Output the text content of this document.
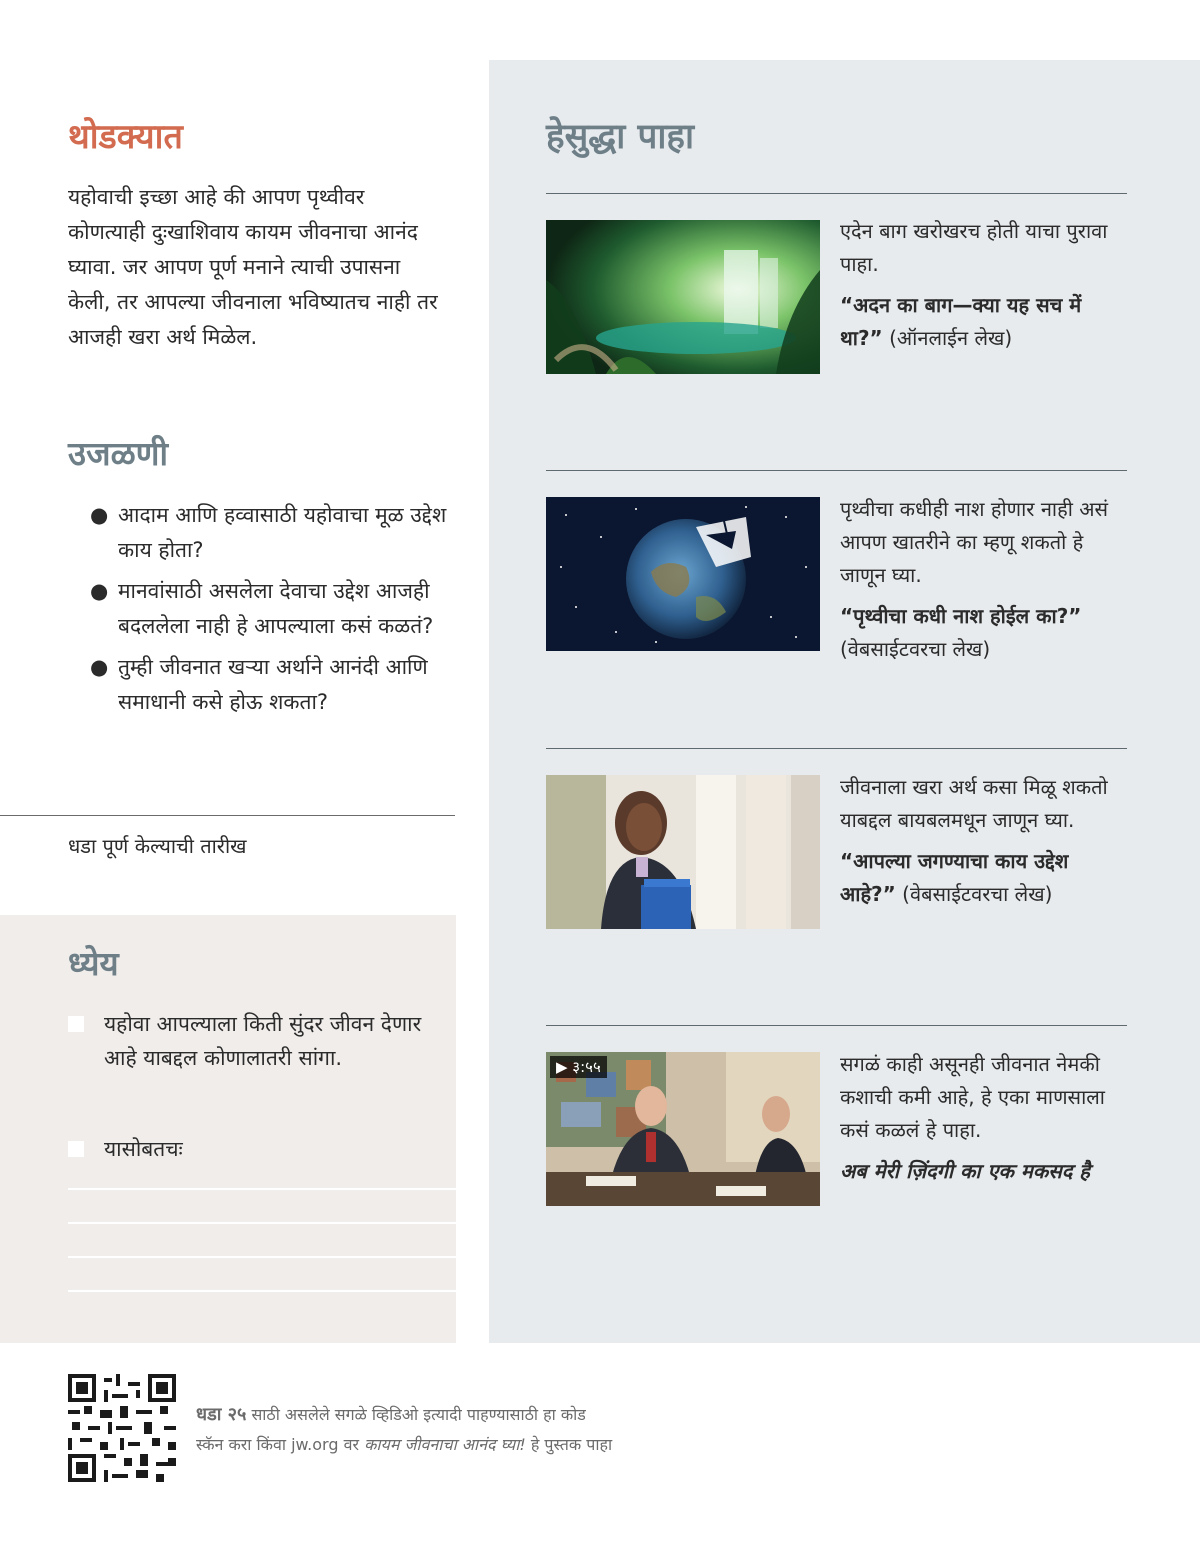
थोडक्यात

यहोवाची इच्छा आहे की आपण पृथ्वीवर कोणत्याही दुःखाशिवाय कायम जीवनाचा आनंद घ्यावा. जर आपण पूर्ण मनाने त्याची उपासना केली, तर आपल्या जीवनाला भविष्यातच नाही तर आजही खरा अर्थ मिळेल.

उजळणी
● आदाम आणि हव्वासाठी यहोवाचा मूळ उद्देश काय होता?
● मानवांसाठी असलेला देवाचा उद्देश आजही बदललेला नाही हे आपल्याला कसं कळतं?
● तुम्ही जीवनात खऱ्या अर्थाने आनंदी आणि समाधानी कसे होऊ शकता?
धडा पूर्ण केल्याची तारीख
ध्येय
यहोवा आपल्याला किती सुंदर जीवन देणार आहे याबद्दल कोणालातरी सांगा.
यासोबतचः
हेसुद्धा पाहा
एदेन बाग खरोखरच होती याचा पुरावा पाहा.
“अदन का बाग—क्या यह सच में था?” (ऑनलाईन लेख)
पृथ्वीचा कधीही नाश होणार नाही असं आपण खातरीने का म्हणू शकतो हे जाणून घ्या.
“पृथ्वीचा कधी नाश होईल का?” (वेबसाईटवरचा लेख)
जीवनाला खरा अर्थ कसा मिळू शकतो याबद्दल बायबलमधून जाणून घ्या.
“आपल्या जगण्याचा काय उद्देश आहे?” (वेबसाईटवरचा लेख)
▶ ३:५५	सगळं काही असूनही जीवनात नेमकी कशाची कमी आहे, हे एका माणसाला कसं कळलं हे पाहा.
अब मेरी ज़िंदगी का एक मकसद है
धडा २५ साठी असलेले सगळे व्हिडिओ इत्यादी पाहण्यासाठी हा कोड स्कॅन करा किंवा jw.org वर कायम जीवनाचा आनंद घ्या! हे पुस्तक पाहा
